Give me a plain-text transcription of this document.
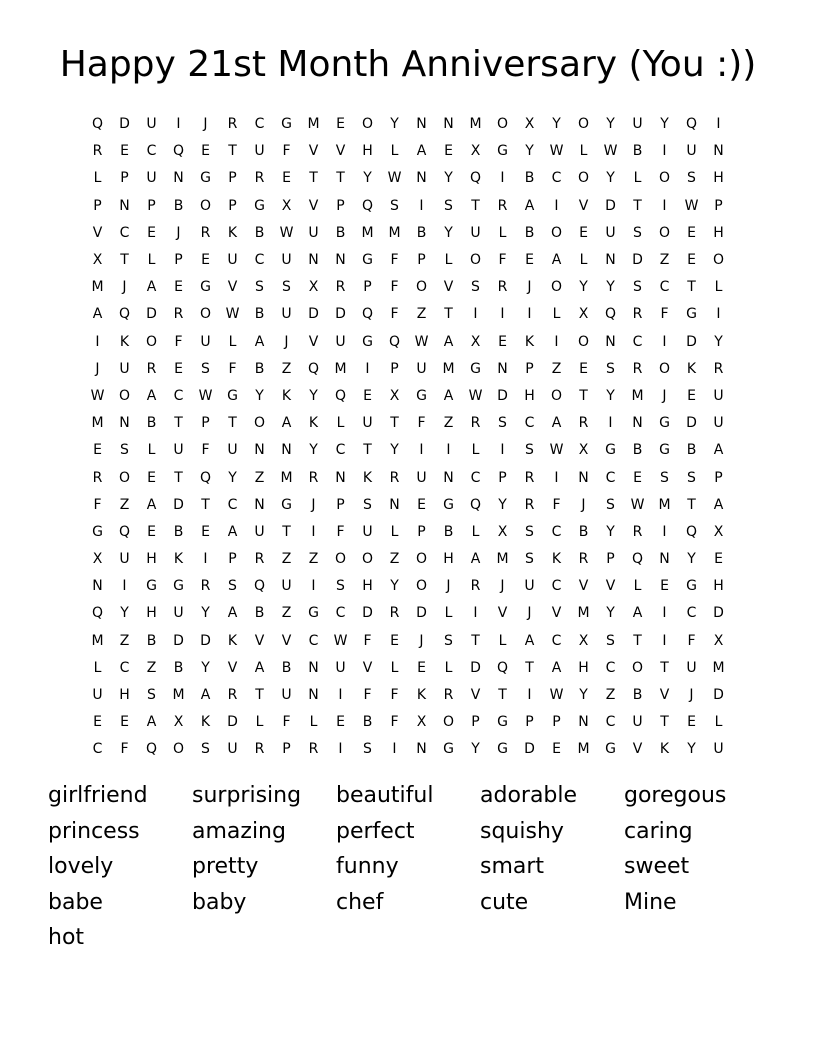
Happy 21st Month Anniversary (You :))
Q	D	U	I	J	R	C	G	M	E	O	Y	N	N	M	O	X	Y	O	Y	U	Y	Q	I
R	E	C	Q	E	T	U	F	V	V	H	L	A	E	X	G	Y	W	L	W	B	I	U	N
L	P	U	N	G	P	R	E	T	T	Y	W	N	Y	Q	I	B	C	O	Y	L	O	S	H
P	N	P	B	O	P	G	X	V	P	Q	S	I	S	T	R	A	I	V	D	T	I	W	P
V	C	E	J	R	K	B	W	U	B	M	M	B	Y	U	L	B	O	E	U	S	O	E	H
X	T	L	P	E	U	C	U	N	N	G	F	P	L	O	F	E	A	L	N	D	Z	E	O
M	J	A	E	G	V	S	S	X	R	P	F	O	V	S	R	J	O	Y	Y	S	C	T	L
A	Q	D	R	O	W	B	U	D	D	Q	F	Z	T	I	I	I	L	X	Q	R	F	G	I
I	K	O	F	U	L	A	J	V	U	G	Q	W	A	X	E	K	I	O	N	C	I	D	Y
J	U	R	E	S	F	B	Z	Q	M	I	P	U	M	G	N	P	Z	E	S	R	O	K	R
W	O	A	C	W	G	Y	K	Y	Q	E	X	G	A	W	D	H	O	T	Y	M	J	E	U
M	N	B	T	P	T	O	A	K	L	U	T	F	Z	R	S	C	A	R	I	N	G	D	U
E	S	L	U	F	U	N	N	Y	C	T	Y	I	I	L	I	S	W	X	G	B	G	B	A
R	O	E	T	Q	Y	Z	M	R	N	K	R	U	N	C	P	R	I	N	C	E	S	S	P
F	Z	A	D	T	C	N	G	J	P	S	N	E	G	Q	Y	R	F	J	S	W	M	T	A
G	Q	E	B	E	A	U	T	I	F	U	L	P	B	L	X	S	C	B	Y	R	I	Q	X
X	U	H	K	I	P	R	Z	Z	O	O	Z	O	H	A	M	S	K	R	P	Q	N	Y	E
N	I	G	G	R	S	Q	U	I	S	H	Y	O	J	R	J	U	C	V	V	L	E	G	H
Q	Y	H	U	Y	A	B	Z	G	C	D	R	D	L	I	V	J	V	M	Y	A	I	C	D
M	Z	B	D	D	K	V	V	C	W	F	E	J	S	T	L	A	C	X	S	T	I	F	X
L	C	Z	B	Y	V	A	B	N	U	V	L	E	L	D	Q	T	A	H	C	O	T	U	M
U	H	S	M	A	R	T	U	N	I	F	F	K	R	V	T	I	W	Y	Z	B	V	J	D
E	E	A	X	K	D	L	F	L	E	B	F	X	O	P	G	P	P	N	C	U	T	E	L
C	F	Q	O	S	U	R	P	R	I	S	I	N	G	Y	G	D	E	M	G	V	K	Y	U
girlfriend	surprising	beautiful	adorable	goregous
princess	amazing	perfect	squishy	caring
lovely	pretty	funny	smart	sweet
babe	baby	chef	cute	Mine
hot
